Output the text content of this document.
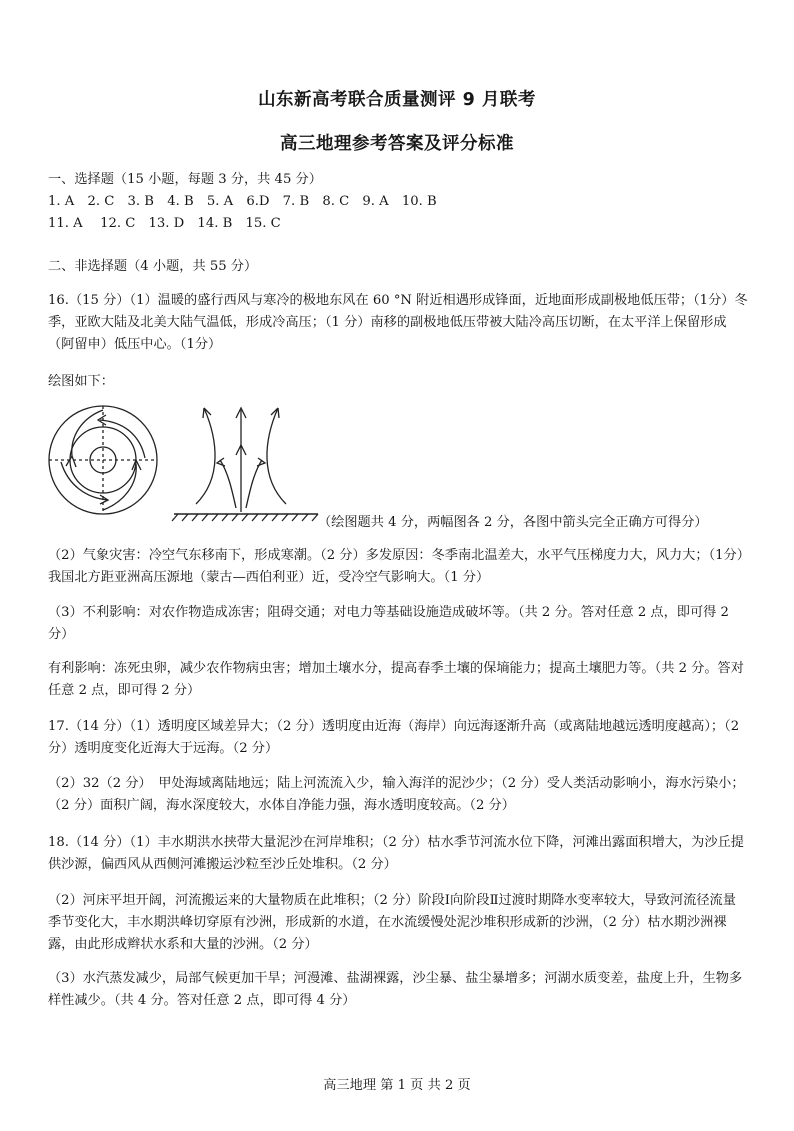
山东新高考联合质量测评 9 月联考
高三地理参考答案及评分标准
一、选择题（15 小题，每题 3 分，共 45 分）
1. A　2. C　3. B　4. B　5. A　6.D　7. B　8. C　9. A　10. B
11. A　 12. C　13. D　14. B　15. C
二、非选择题（4 小题，共 55 分）
16.（15 分）（1）温暖的盛行西风与寒冷的极地东风在 60 °N 附近相遇形成锋面，近地面形成副极地低压带；（1分）冬季，亚欧大陆及北美大陆气温低，形成冷高压；（1 分）南移的副极地低压带被大陆冷高压切断，在太平洋上保留形成（阿留申）低压中心。（1分）
绘图如下：
（绘图题共 4 分，两幅图各 2 分，各图中箭头完全正确方可得分）
（2）气象灾害：冷空气东移南下，形成寒潮。（2 分）多发原因：冬季南北温差大，水平气压梯度力大，风力大；（1分）我国北方距亚洲高压源地（蒙古—西伯利亚）近，受冷空气影响大。（1 分）
（3）不利影响：对农作物造成冻害；阻碍交通；对电力等基础设施造成破坏等。（共 2 分。答对任意 2 点，即可得 2 分）
有利影响：冻死虫卵，减少农作物病虫害；增加土壤水分，提高春季土壤的保墒能力；提高土壤肥力等。（共 2 分。答对任意 2 点，即可得 2 分）
17.（14 分）（1）透明度区域差异大；（2 分）透明度由近海（海岸）向远海逐渐升高（或离陆地越远透明度越高）；（2 分）透明度变化近海大于远海。（2 分）
（2）32（2 分）　甲处海域离陆地远；陆上河流流入少，输入海洋的泥沙少；（2 分）受人类活动影响小，海水污染小；（2 分）面积广阔，海水深度较大，水体自净能力强，海水透明度较高。（2 分）
18.（14 分）（1）丰水期洪水挟带大量泥沙在河岸堆积；（2 分）枯水季节河流水位下降，河滩出露面积增大，为沙丘提供沙源，偏西风从西侧河滩搬运沙粒至沙丘处堆积。（2 分）
（2）河床平坦开阔，河流搬运来的大量物质在此堆积；（2 分）阶段Ⅰ向阶段Ⅱ过渡时期降水变率较大，导致河流径流量季节变化大，丰水期洪峰切穿原有沙洲，形成新的水道，在水流缓慢处泥沙堆积形成新的沙洲，（2 分）枯水期沙洲裸露，由此形成辫状水系和大量的沙洲。（2 分）
（3）水汽蒸发减少，局部气候更加干旱；河漫滩、盐湖裸露，沙尘暴、盐尘暴增多；河湖水质变差，盐度上升，生物多样性减少。（共 4 分。答对任意 2 点，即可得 4 分）
高三地理 第 1 页 共 2 页
